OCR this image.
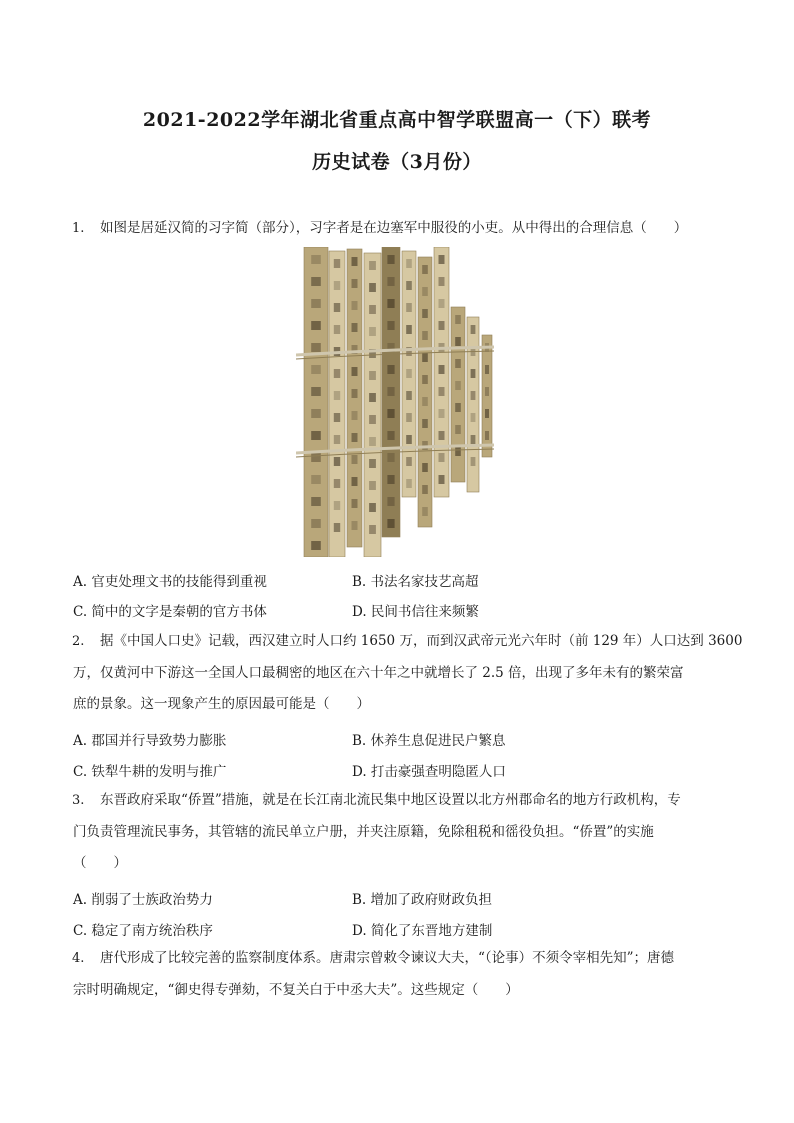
2021-2022学年湖北省重点高中智学联盟高一（下）联考
历史试卷（3月份）
1. 如图是居延汉简的习字简（部分），习字者是在边塞军中服役的小吏。从中得出的合理信息（　　）
A. 官吏处理文书的技能得到重视	B. 书法名家技艺高超
C. 简中的文字是秦朝的官方书体	D. 民间书信往来频繁
2. 据《中国人口史》记载，西汉建立时人口约 1650 万，而到汉武帝元光六年时（前 129 年）人口达到 3600
万，仅黄河中下游这一全国人口最稠密的地区在六十年之中就增长了 2.5 倍，出现了多年未有的繁荣富
庶的景象。这一现象产生的原因最可能是（　　）
A. 郡国并行导致势力膨胀	B. 休养生息促进民户繁息
C. 铁犁牛耕的发明与推广	D. 打击豪强查明隐匿人口
3. 东晋政府采取“侨置”措施，就是在长江南北流民集中地区设置以北方州郡命名的地方行政机构，专
门负责管理流民事务，其管辖的流民单立户册，并夹注原籍，免除租税和徭役负担。“侨置”的实施
（　　）
A. 削弱了士族政治势力	B. 增加了政府财政负担
C. 稳定了南方统治秩序	D. 简化了东晋地方建制
4. 唐代形成了比较完善的监察制度体系。唐肃宗曾敕令谏议大夫，“（论事）不须令宰相先知”；唐德
宗时明确规定，“御史得专弹劾，不复关白于中丞大夫”。这些规定（　　）
